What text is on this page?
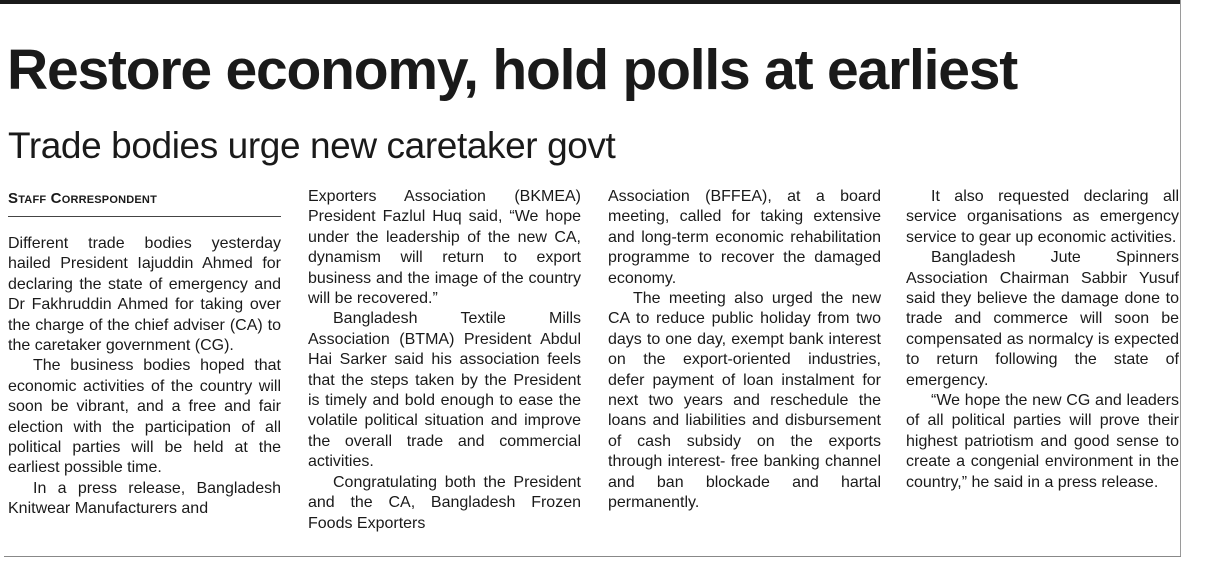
Restore economy, hold polls at earliest
Trade bodies urge new caretaker govt
Staff Correspondent

Different trade bodies yesterday hailed President Iajuddin Ahmed for declaring the state of emergency and Dr Fakhruddin Ahmed for taking over the charge of the chief adviser (CA) to the caretaker government (CG).

The business bodies hoped that economic activities of the country will soon be vibrant, and a free and fair election with the participation of all political parties will be held at the earliest possible time.

In a press release, Bangladesh Knitwear Manufacturers and

Exporters Association (BKMEA) President Fazlul Huq said, “We hope under the leadership of the new CA, dynamism will return to export business and the image of the country will be recovered.”

Bangladesh Textile Mills Association (BTMA) President Abdul Hai Sarker said his association feels that the steps taken by the President is timely and bold enough to ease the volatile political situation and improve the overall trade and commercial activities.

Congratulating both the President and the CA, Bangladesh Frozen Foods Exporters

Association (BFFEA), at a board meeting, called for taking extensive and long-term economic rehabilitation programme to recover the damaged economy.

The meeting also urged the new CA to reduce public holiday from two days to one day, exempt bank interest on the export-oriented industries, defer payment of loan instalment for next two years and reschedule the loans and liabilities and disbursement of cash subsidy on the exports through interest- free banking channel and ban blockade and hartal permanently.

It also requested declaring all service organisations as emergency service to gear up economic activities.

Bangladesh Jute Spinners Association Chairman Sabbir Yusuf said they believe the damage done to trade and commerce will soon be compensated as normalcy is expected to return following the state of emergency.

“We hope the new CG and leaders of all political parties will prove their highest patriotism and good sense to create a congenial environment in the country,” he said in a press release.
